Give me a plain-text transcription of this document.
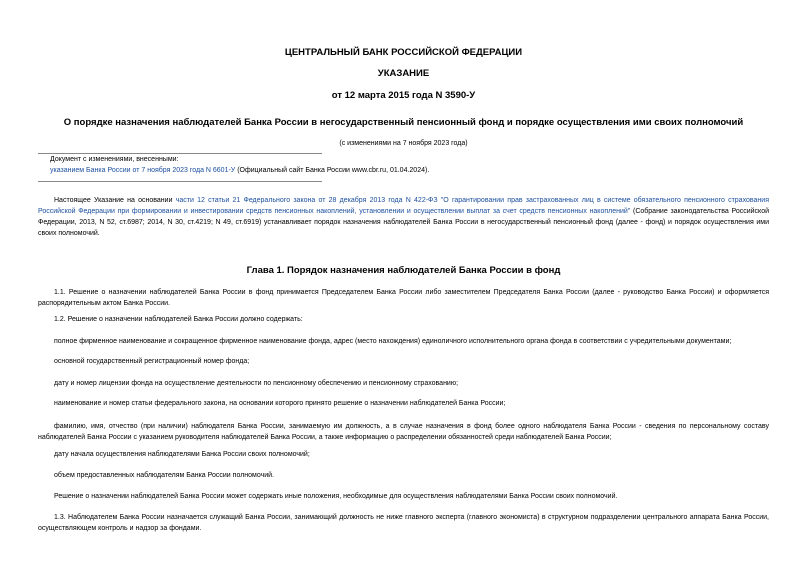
ЦЕНТРАЛЬНЫЙ БАНК РОССИЙСКОЙ ФЕДЕРАЦИИ
УКАЗАНИЕ
от 12 марта 2015 года N 3590-У
О порядке назначения наблюдателей Банка России в негосударственный пенсионный фонд и порядке осуществления ими своих полномочий
(с изменениями на 7 ноября 2023 года)
Документ с изменениями, внесенными:
указанием Банка России от 7 ноября 2023 года N 6601-У (Официальный сайт Банка России www.cbr.ru, 01.04.2024).
Настоящее Указание на основании части 12 статьи 21 Федерального закона от 28 декабря 2013 года N 422-ФЗ "О гарантировании прав застрахованных лиц в системе обязательного пенсионного страхования Российской Федерации при формировании и инвестировании средств пенсионных накоплений, установлении и осуществлении выплат за счет средств пенсионных накоплений" (Собрание законодательства Российской Федерации, 2013, N 52, ст.6987; 2014, N 30, ст.4219; N 49, ст.6919) устанавливает порядок назначения наблюдателей Банка России в негосударственный пенсионный фонд (далее - фонд) и порядок осуществления ими своих полномочий.
Глава 1. Порядок назначения наблюдателей Банка России в фонд
1.1. Решение о назначении наблюдателей Банка России в фонд принимается Председателем Банка России либо заместителем Председателя Банка России (далее - руководство Банка России) и оформляется распорядительным актом Банка России.
1.2. Решение о назначении наблюдателей Банка России должно содержать:
полное фирменное наименование и сокращенное фирменное наименование фонда, адрес (место нахождения) единоличного исполнительного органа фонда в соответствии с учредительными документами;
основной государственный регистрационный номер фонда;
дату и номер лицензии фонда на осуществление деятельности по пенсионному обеспечению и пенсионному страхованию;
наименование и номер статьи федерального закона, на основании которого принято решение о назначении наблюдателей Банка России;
фамилию, имя, отчество (при наличии) наблюдателя Банка России, занимаемую им должность, а в случае назначения в фонд более одного наблюдателя Банка России - сведения по персональному составу наблюдателей Банка России с указанием руководителя наблюдателей Банка России, а также информацию о распределении обязанностей среди наблюдателей Банка России;
дату начала осуществления наблюдателями Банка России своих полномочий;
объем предоставленных наблюдателям Банка России полномочий.
Решение о назначении наблюдателей Банка России может содержать иные положения, необходимые для осуществления наблюдателями Банка России своих полномочий.
1.3. Наблюдателем Банка России назначается служащий Банка России, занимающий должность не ниже главного эксперта (главного экономиста) в структурном подразделении центрального аппарата Банка России, осуществляющем контроль и надзор за фондами.
